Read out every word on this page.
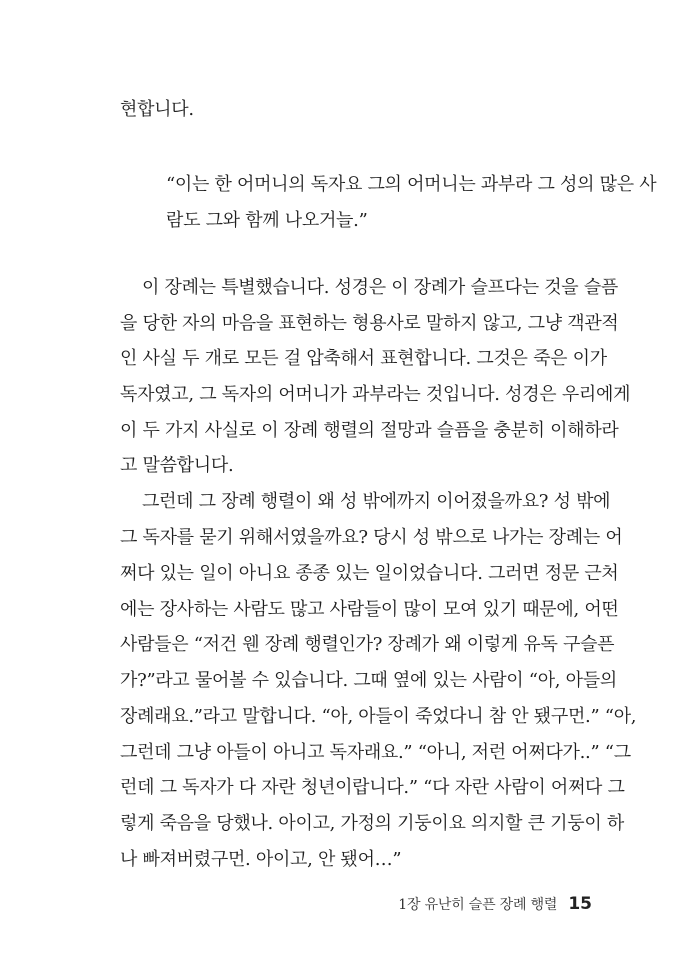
현합니다.
“이는 한 어머니의 독자요 그의 어머니는 과부라 그 성의 많은 사
람도 그와 함께 나오거늘.”
이 장례는 특별했습니다. 성경은 이 장례가 슬프다는 것을 슬픔
을 당한 자의 마음을 표현하는 형용사로 말하지 않고, 그냥 객관적
인 사실 두 개로 모든 걸 압축해서 표현합니다. 그것은 죽은 이가
독자였고, 그 독자의 어머니가 과부라는 것입니다. 성경은 우리에게
이 두 가지 사실로 이 장례 행렬의 절망과 슬픔을 충분히 이해하라
고 말씀합니다.
그런데 그 장례 행렬이 왜 성 밖에까지 이어졌을까요? 성 밖에
그 독자를 묻기 위해서였을까요? 당시 성 밖으로 나가는 장례는 어
쩌다 있는 일이 아니요 종종 있는 일이었습니다. 그러면 정문 근처
에는 장사하는 사람도 많고 사람들이 많이 모여 있기 때문에, 어떤
사람들은 “저건 웬 장례 행렬인가? 장례가 왜 이렇게 유독 구슬픈
가?”라고 물어볼 수 있습니다. 그때 옆에 있는 사람이 “아, 아들의
장례래요.”라고 말합니다. “아, 아들이 죽었다니 참 안 됐구먼.” “아,
그런데 그냥 아들이 아니고 독자래요.” “아니, 저런 어쩌다가..” “그
런데 그 독자가 다 자란 청년이랍니다.” “다 자란 사람이 어쩌다 그
렇게 죽음을 당했나. 아이고, 가정의 기둥이요 의지할 큰 기둥이 하
나 빠져버렸구먼. 아이고, 안 됐어…”
1장 유난히 슬픈 장례 행렬 15
